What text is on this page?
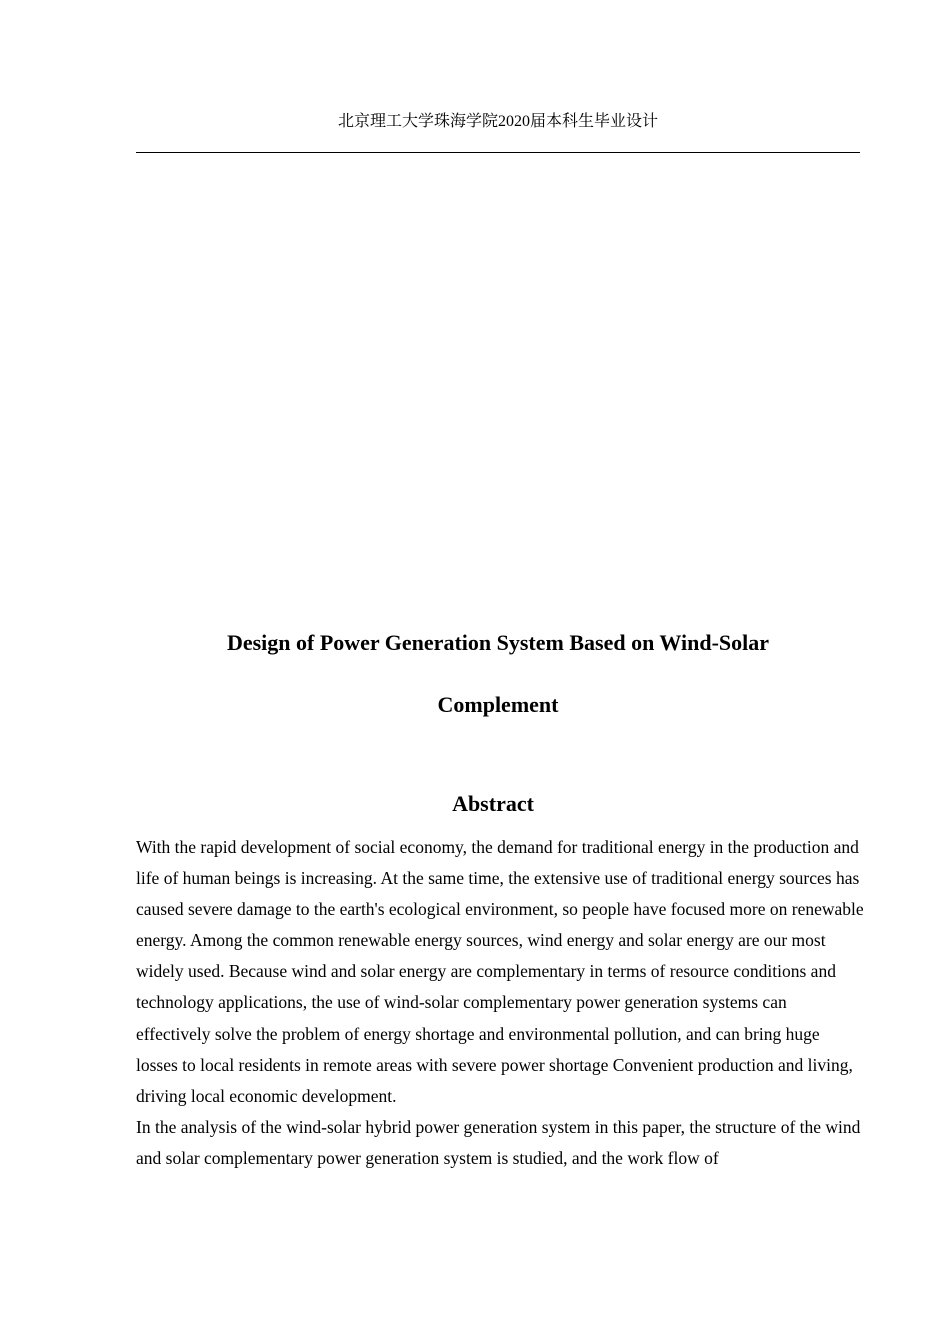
北京理工大学珠海学院2020届本科生毕业设计
Design of Power Generation System Based on Wind-Solar
Complement
Abstract

With the rapid development of social economy, the demand for traditional energy in the production and life of human beings is increasing. At the same time, the extensive use of traditional energy sources has caused severe damage to the earth's ecological environment, so people have focused more on renewable energy. Among the common renewable energy sources, wind energy and solar energy are our most widely used. Because wind and solar energy are complementary in terms of resource conditions and technology applications, the use of wind-solar complementary power generation systems can effectively solve the problem of energy shortage and environmental pollution, and can bring huge losses to local residents in remote areas with severe power shortage Convenient production and living, driving local economic development.

In the analysis of the wind-solar hybrid power generation system in this paper, the structure of the wind and solar complementary power generation system is studied, and the work flow of
